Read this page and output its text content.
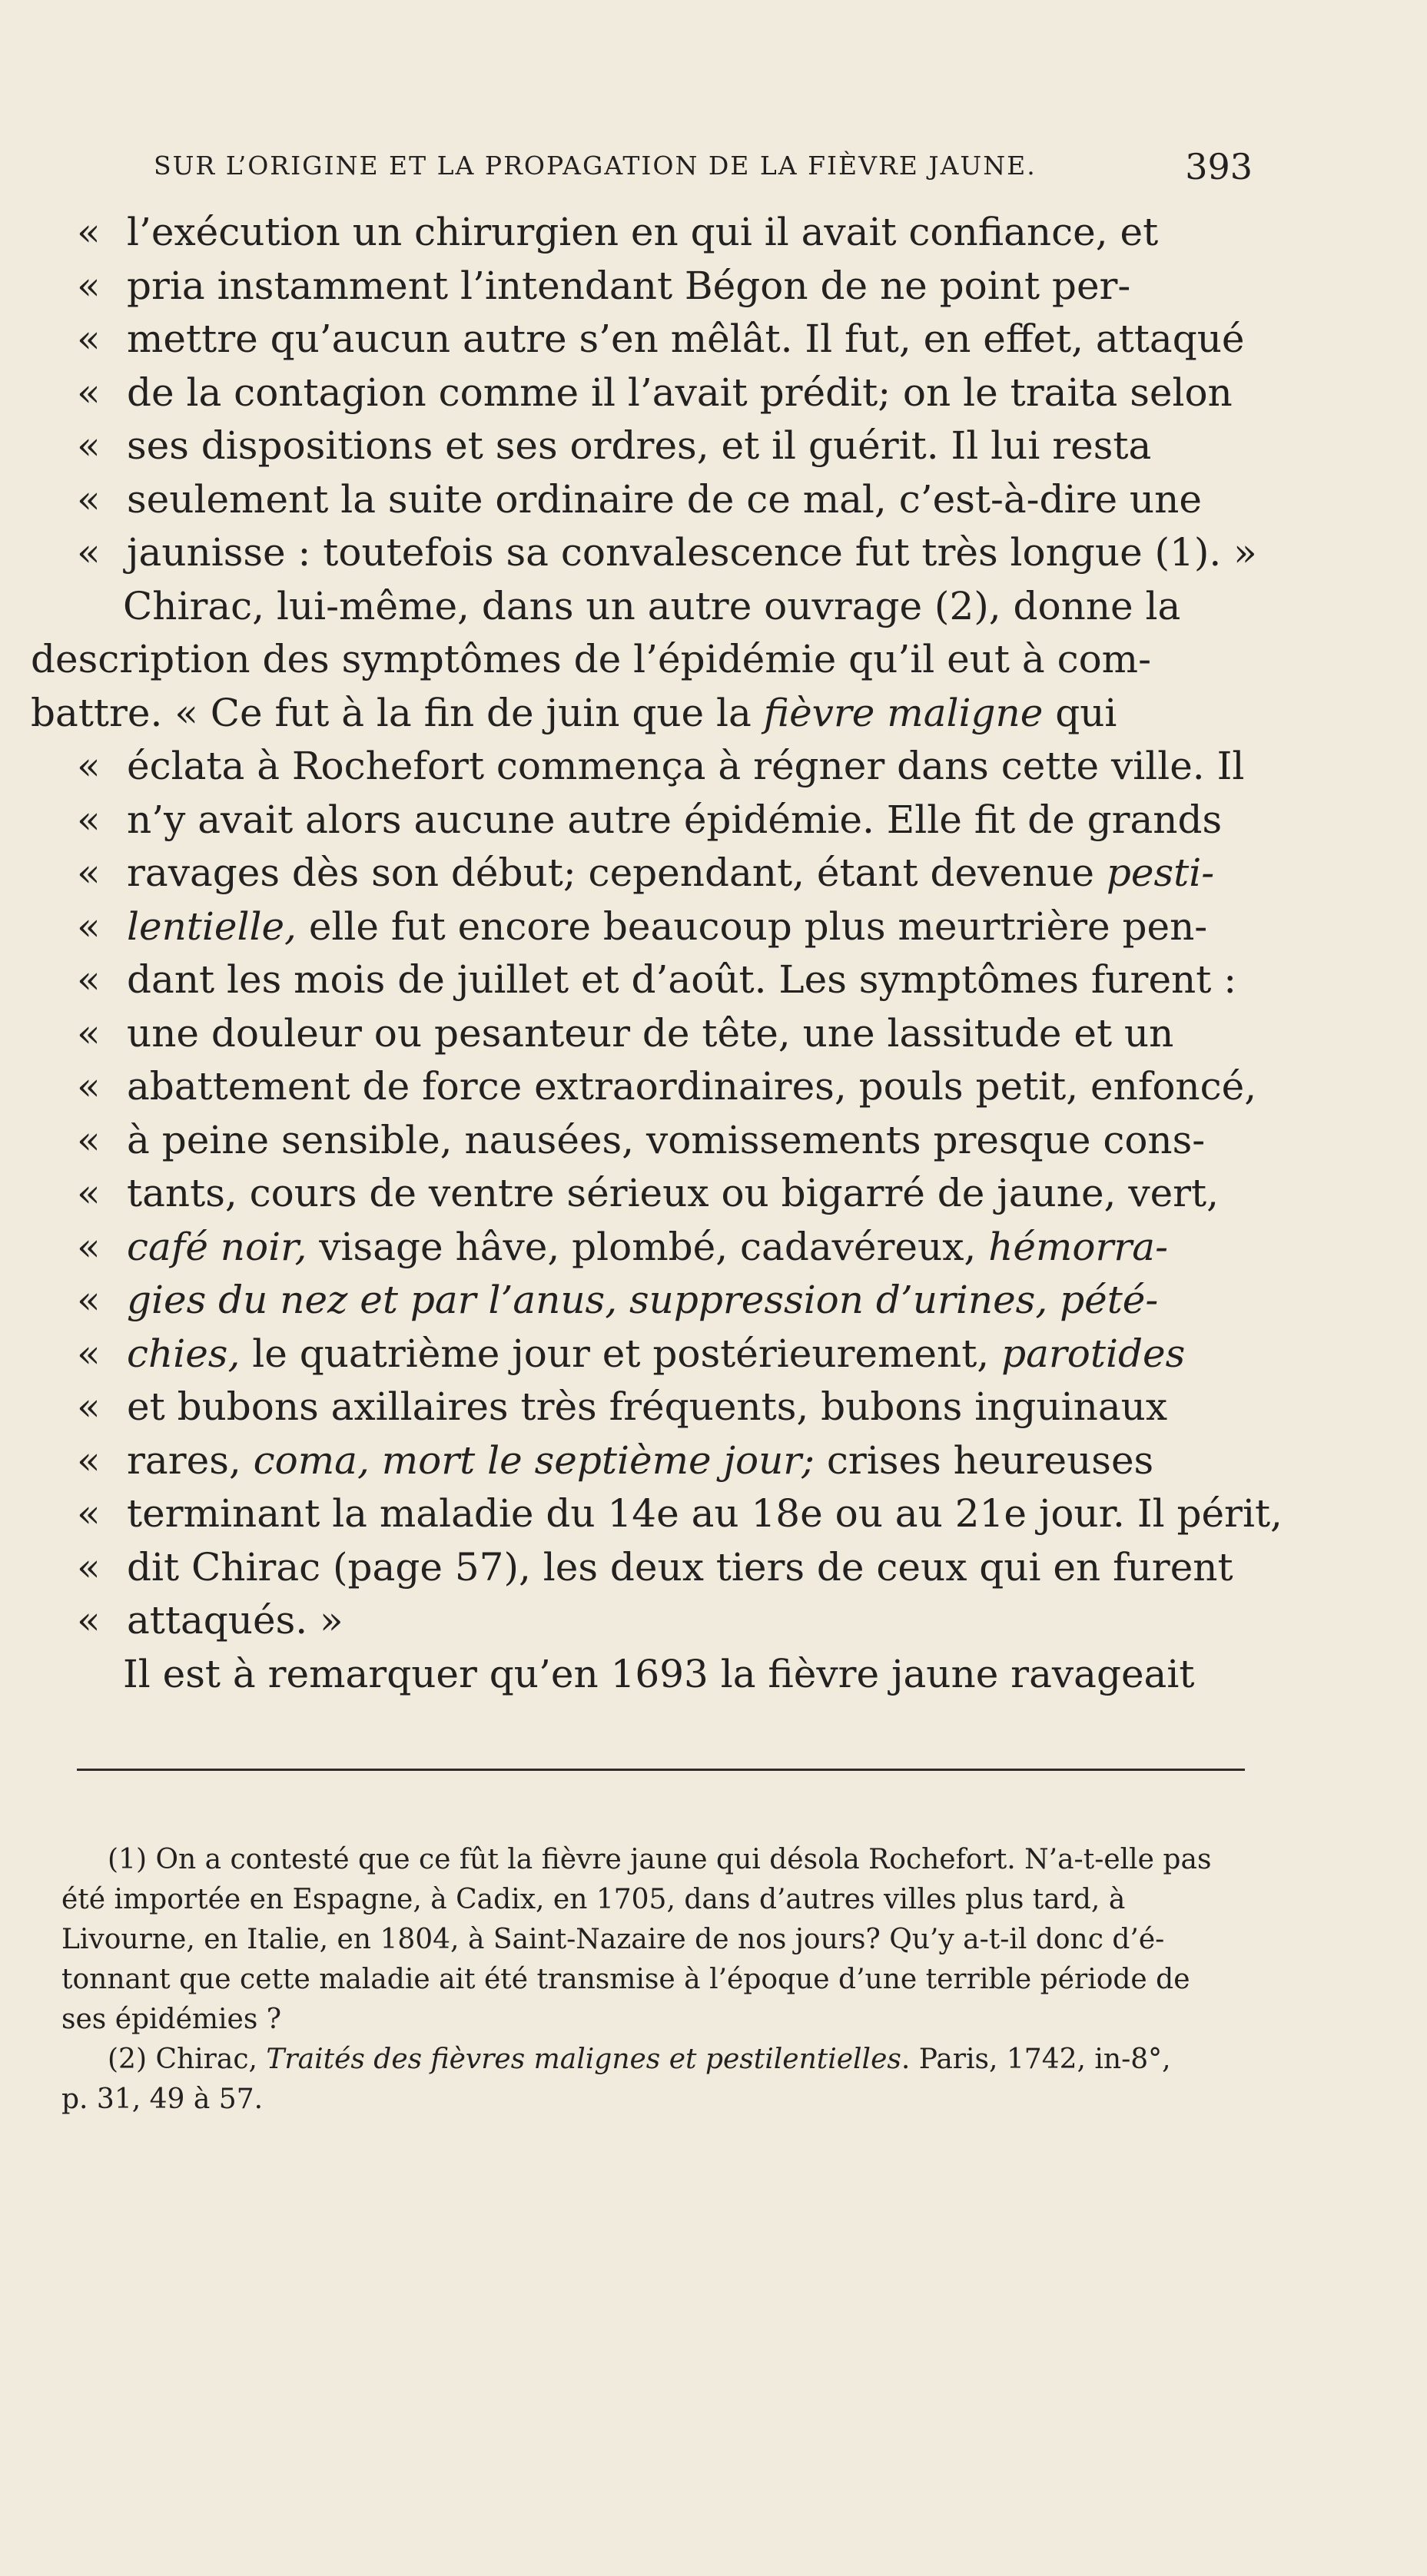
SUR L’ORIGINE ET LA PROPAGATION DE LA FIÈVRE JAUNE.	393
« l’exécution un chirurgien en qui il avait confiance, et
« pria instamment l’intendant Bégon de ne point per-
« mettre qu’aucun autre s’en mêlât. Il fut, en effet, attaqué
« de la contagion comme il l’avait prédit; on le traita selon
« ses dispositions et ses ordres, et il guérit. Il lui resta
« seulement la suite ordinaire de ce mal, c’est-à-dire une
« jaunisse : toutefois sa convalescence fut très longue (1). »
Chirac, lui-même, dans un autre ouvrage (2), donne la
description des symptômes de l’épidémie qu’il eut à com-
battre. « Ce fut à la fin de juin que la fièvre maligne qui
« éclata à Rochefort commença à régner dans cette ville. Il
« n’y avait alors aucune autre épidémie. Elle fit de grands
« ravages dès son début; cependant, étant devenue pesti-
« lentielle, elle fut encore beaucoup plus meurtrière pen-
« dant les mois de juillet et d’août. Les symptômes furent :
« une douleur ou pesanteur de tête, une lassitude et un
« abattement de force extraordinaires, pouls petit, enfoncé,
« à peine sensible, nausées, vomissements presque cons-
« tants, cours de ventre sérieux ou bigarré de jaune, vert,
« café noir, visage hâve, plombé, cadavéreux, hémorra-
« gies du nez et par l’anus, suppression d’urines, pété-
« chies, le quatrième jour et postérieurement, parotides
« et bubons axillaires très fréquents, bubons inguinaux
« rares, coma, mort le septième jour; crises heureuses
« terminant la maladie du 14e au 18e ou au 21e jour. Il périt,
« dit Chirac (page 57), les deux tiers de ceux qui en furent
« attaqués. »
Il est à remarquer qu’en 1693 la fièvre jaune ravageait
(1) On a contesté que ce fût la fièvre jaune qui désola Rochefort. N’a-t-elle pas
été importée en Espagne, à Cadix, en 1705, dans d’autres villes plus tard, à
Livourne, en Italie, en 1804, à Saint-Nazaire de nos jours? Qu’y a-t-il donc d’é-
tonnant que cette maladie ait été transmise à l’époque d’une terrible période de
ses épidémies ?
(2) Chirac, Traités des fièvres malignes et pestilentielles. Paris, 1742, in-8°,
p. 31, 49 à 57.
